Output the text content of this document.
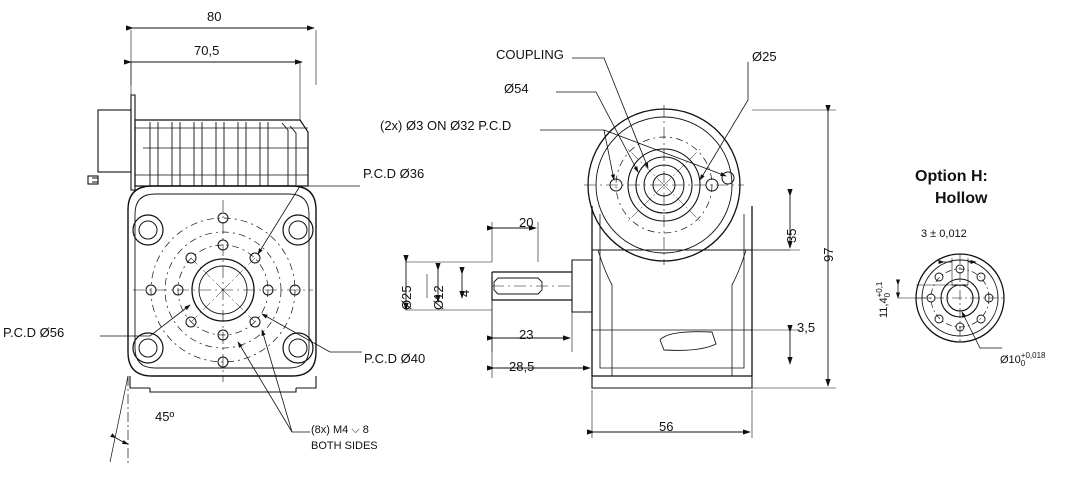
80
70,5
P.C.D Ø36
P.C.D Ø56
P.C.D Ø40
45º
(8x) M4 ⌵ 8
BOTH SIDES
COUPLING
Ø54
Ø25
(2x) Ø3 ON Ø32 P.C.D
20
23
28,5
Ø25 Ø12 4
35
97
3,5
56
Option H:
Hollow
3 ± 0,012
11,4
+0,1 0
Ø10 +0,018
0
